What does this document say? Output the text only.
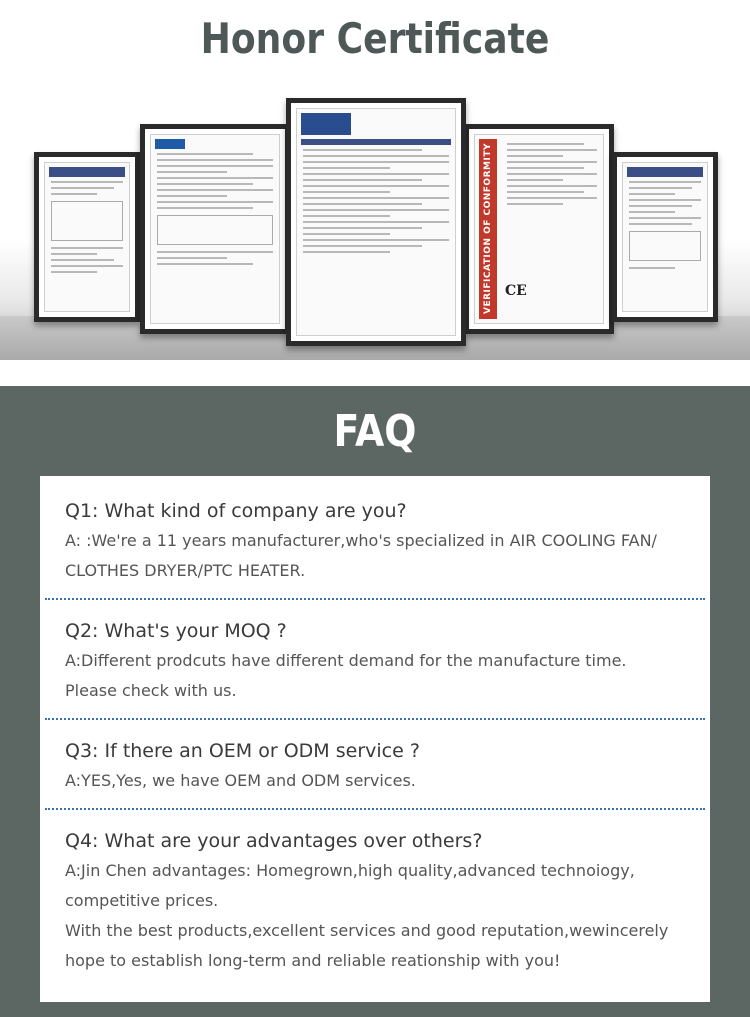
Honor Certificate
VERIFICATION OF CONFORMITY CE
FAQ
Q1: What kind of company are you?
A: :We're a 11 years manufacturer,who's specialized in AIR COOLING FAN/
CLOTHES DRYER/PTC HEATER.
Q2: What's your MOQ ?
A:Different prodcuts have different demand for the manufacture time.
Please check with us.
Q3: If there an OEM or ODM service ?
A:YES,Yes, we have OEM and ODM services.
Q4: What are your advantages over others?
A:Jin Chen advantages: Homegrown,high quality,advanced technoiogy,
competitive prices.
With the best products,excellent services and good reputation,wewincerely
hope to establish long-term and reliable reationship with you!
